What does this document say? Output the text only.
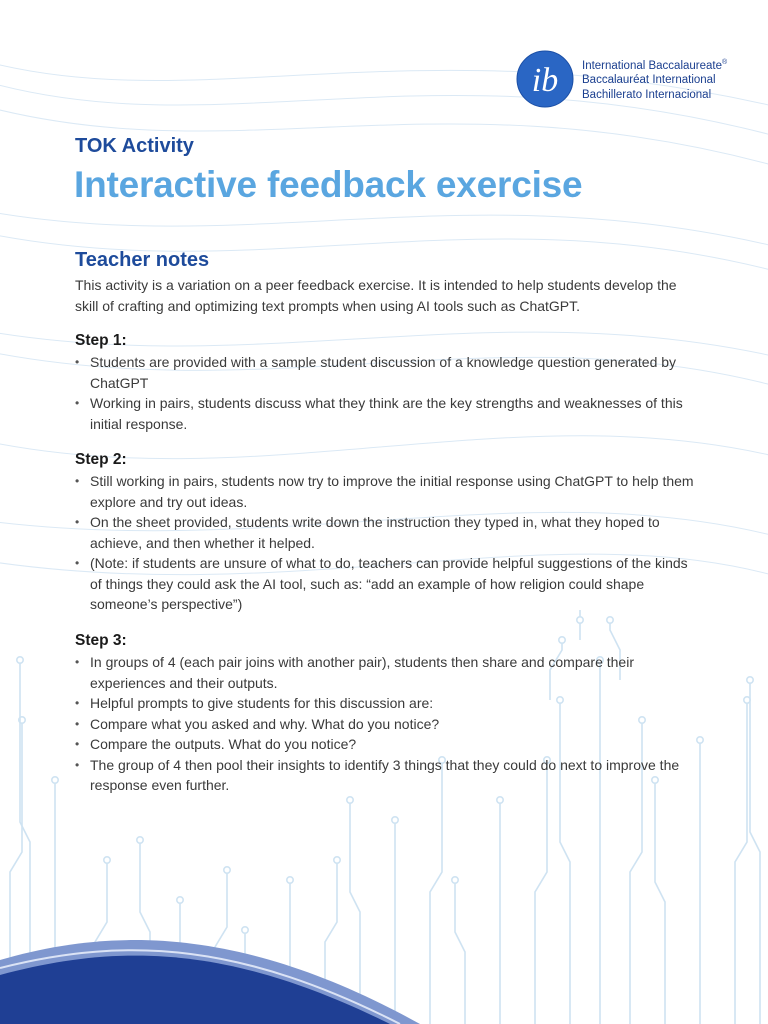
ib International Baccalaureate®
Baccalauréat International
Bachillerato Internacional
TOK Activity
Interactive feedback exercise
Teacher notes

This activity is a variation on a peer feedback exercise. It is intended to help students develop the skill of crafting and optimizing text prompts when using AI tools such as ChatGPT.

Step 1:
• Students are provided with a sample student discussion of a knowledge question generated by ChatGPT
• Working in pairs, students discuss what they think are the key strengths and weaknesses of this initial response.
Step 2:
• Still working in pairs, students now try to improve the initial response using ChatGPT to help them explore and try out ideas.
• On the sheet provided, students write down the instruction they typed in, what they hoped to achieve, and then whether it helped.
• (Note: if students are unsure of what to do, teachers can provide helpful suggestions of the kinds of things they could ask the AI tool, such as: “add an example of how religion could shape someone’s perspective”)
Step 3:
• In groups of 4 (each pair joins with another pair), students then share and compare their experiences and their outputs.
• Helpful prompts to give students for this discussion are:
• Compare what you asked and why. What do you notice?
• Compare the outputs. What do you notice?
• The group of 4 then pool their insights to identify 3 things that they could do next to improve the response even further.
